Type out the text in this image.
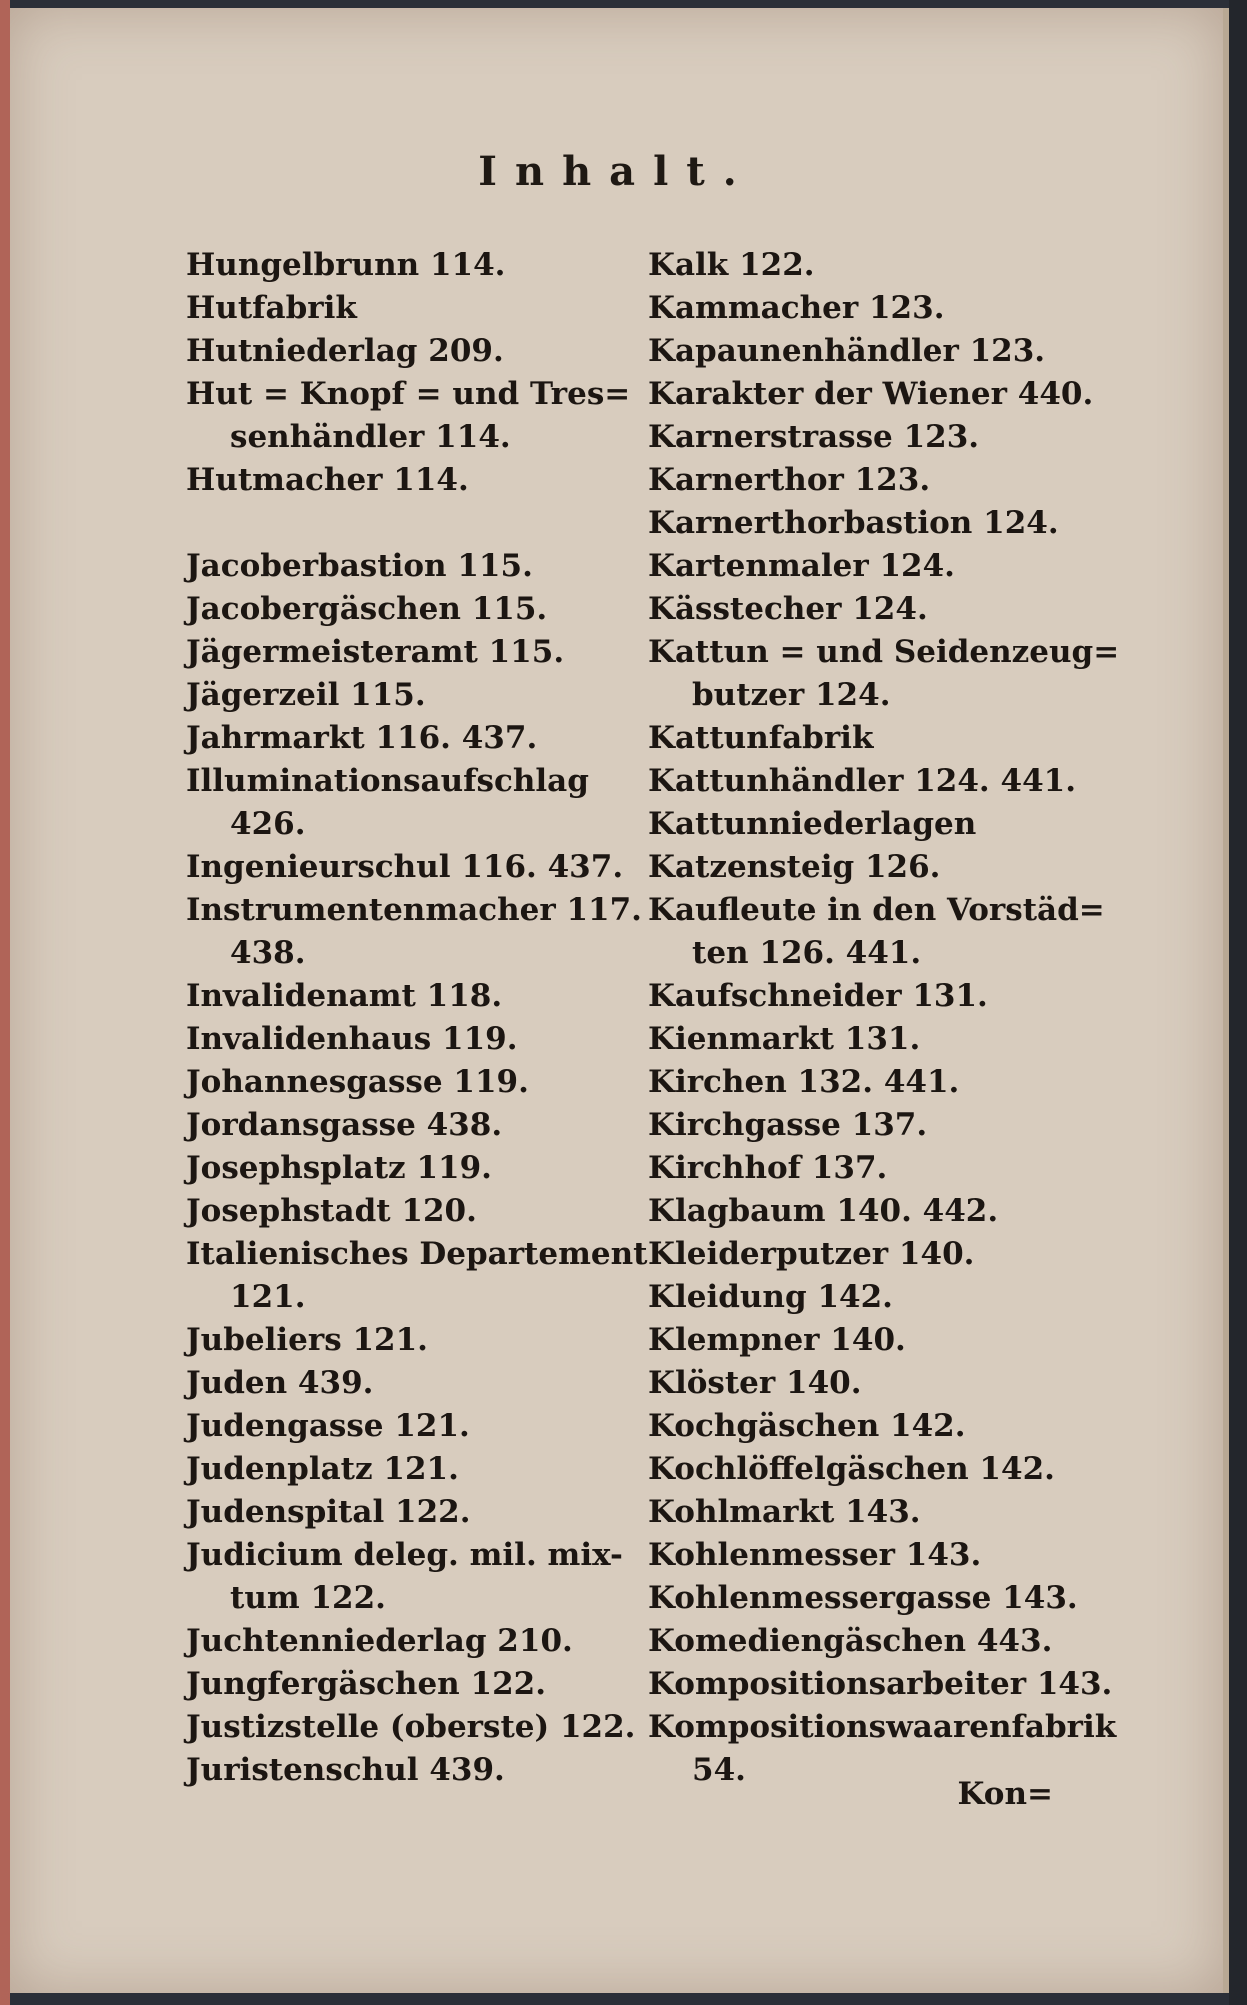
Inhalt.
Hungelbrunn 114.
Hutfabrik
Hutniederlag 209.
Hut = Knopf = und Tres=
senhändler 114.
Hutmacher 114.
Jacoberbastion 115.
Jacobergäschen 115.
Jägermeisteramt 115.
Jägerzeil 115.
Jahrmarkt 116. 437.
Illuminationsaufschlag
426.
Ingenieurschul 116. 437.
Instrumentenmacher 117.
438.
Invalidenamt 118.
Invalidenhaus 119.
Johannesgasse 119.
Jordansgasse 438.
Josephsplatz 119.
Josephstadt 120.
Italienisches Departement
121.
Jubeliers 121.
Juden 439.
Judengasse 121.
Judenplatz 121.
Judenspital 122.
Judicium deleg. mil. mix-
tum 122.
Juchtenniederlag 210.
Jungfergäschen 122.
Justizstelle (oberste) 122.
Juristenschul 439.
Kalk 122.
Kammacher 123.
Kapaunenhändler 123.
Karakter der Wiener 440.
Karnerstrasse 123.
Karnerthor 123.
Karnerthorbastion 124.
Kartenmaler 124.
Kässtecher 124.
Kattun = und Seidenzeug=
butzer 124.
Kattunfabrik
Kattunhändler 124. 441.
Kattunniederlagen
Katzensteig 126.
Kaufleute in den Vorstäd=
ten 126. 441.
Kaufschneider 131.
Kienmarkt 131.
Kirchen 132. 441.
Kirchgasse 137.
Kirchhof 137.
Klagbaum 140. 442.
Kleiderputzer 140.
Kleidung 142.
Klempner 140.
Klöster 140.
Kochgäschen 142.
Kochlöffelgäschen 142.
Kohlmarkt 143.
Kohlenmesser 143.
Kohlenmessergasse 143.
Komediengäschen 443.
Kompositionsarbeiter 143.
Kompositionswaarenfabrik
54.
Kon=
